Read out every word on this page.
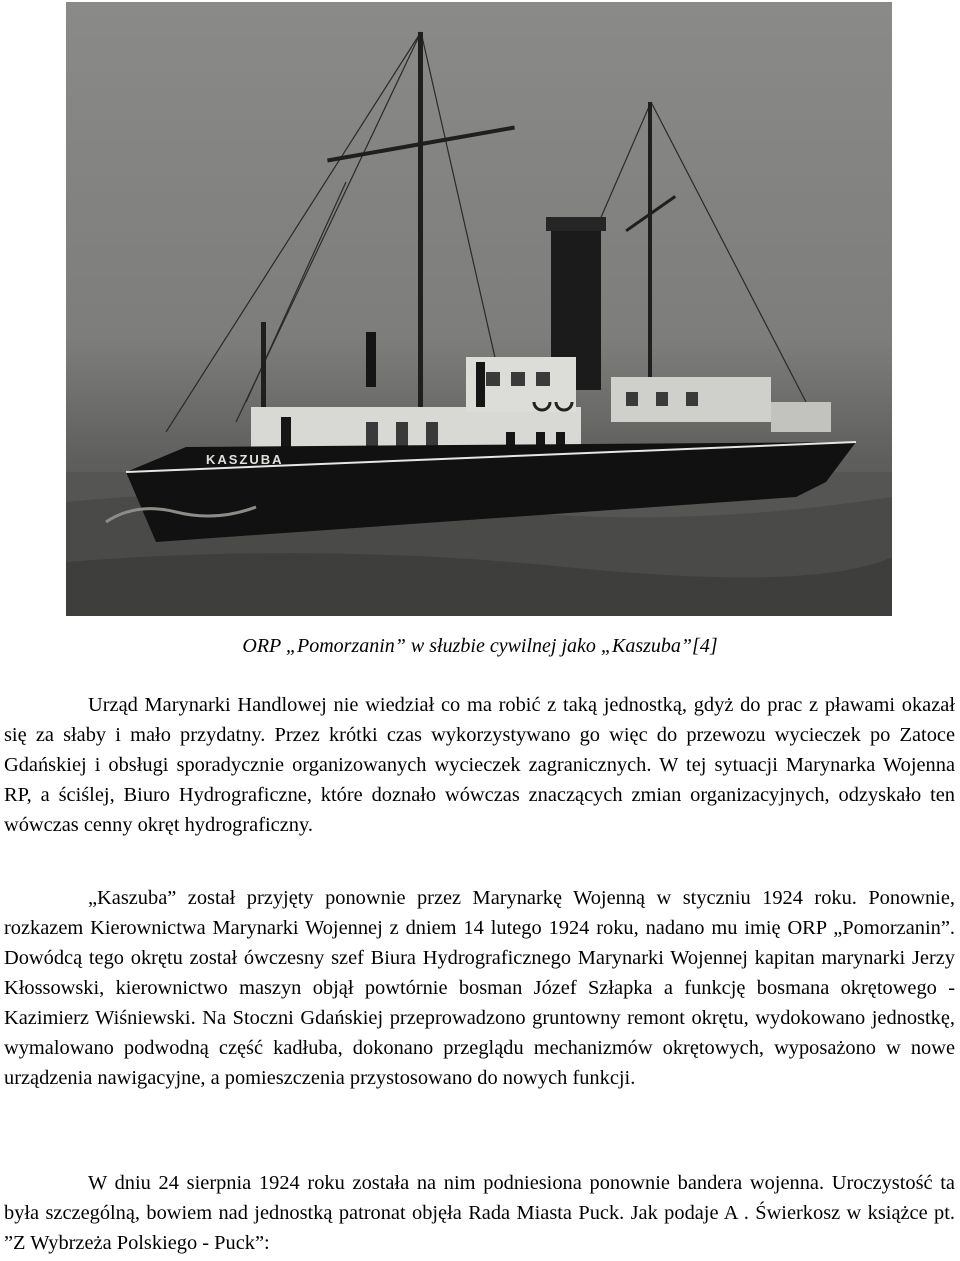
KASZUBA
ORP „Pomorzanin” w słuzbie cywilnej jako „Kaszuba”[4]

Urząd Marynarki Handlowej nie wiedział co ma robić z taką jednostką, gdyż do prac z pławami okazał się za słaby i mało przydatny. Przez krótki czas wykorzystywano go więc do przewozu wycieczek po Zatoce Gdańskiej i obsługi sporadycznie organizowanych wycieczek zagranicznych. W tej sytuacji Marynarka Wojenna RP, a ściślej, Biuro Hydrograficzne, które doznało wówczas znaczących zmian organizacyjnych, odzyskało ten wówczas cenny okręt hydrograficzny.

„Kaszuba” został przyjęty ponownie przez Marynarkę Wojenną w styczniu 1924 roku. Ponownie, rozkazem Kierownictwa Marynarki Wojennej z dniem 14 lutego 1924 roku, nadano mu imię ORP „Pomorzanin”. Dowódcą tego okrętu został ówczesny szef Biura Hydrograficznego Marynarki Wojennej kapitan marynarki Jerzy Kłossowski, kierownictwo maszyn objął powtórnie bosman Józef Szłapka a funkcję bosmana okrętowego - Kazimierz Wiśniewski. Na Stoczni Gdańskiej przeprowadzono gruntowny remont okrętu, wydokowano jednostkę, wymalowano podwodną część kadłuba, dokonano przeglądu mechanizmów okrętowych, wyposażono w nowe urządzenia nawigacyjne, a pomieszczenia przystosowano do nowych funkcji.

W dniu 24 sierpnia 1924 roku została na nim podniesiona ponownie bandera wojenna. Uroczystość ta była szczególną, bowiem nad jednostką patronat objęła Rada Miasta Puck. Jak podaje A . Świerkosz w książce pt. ”Z Wybrzeża Polskiego - Puck”:
